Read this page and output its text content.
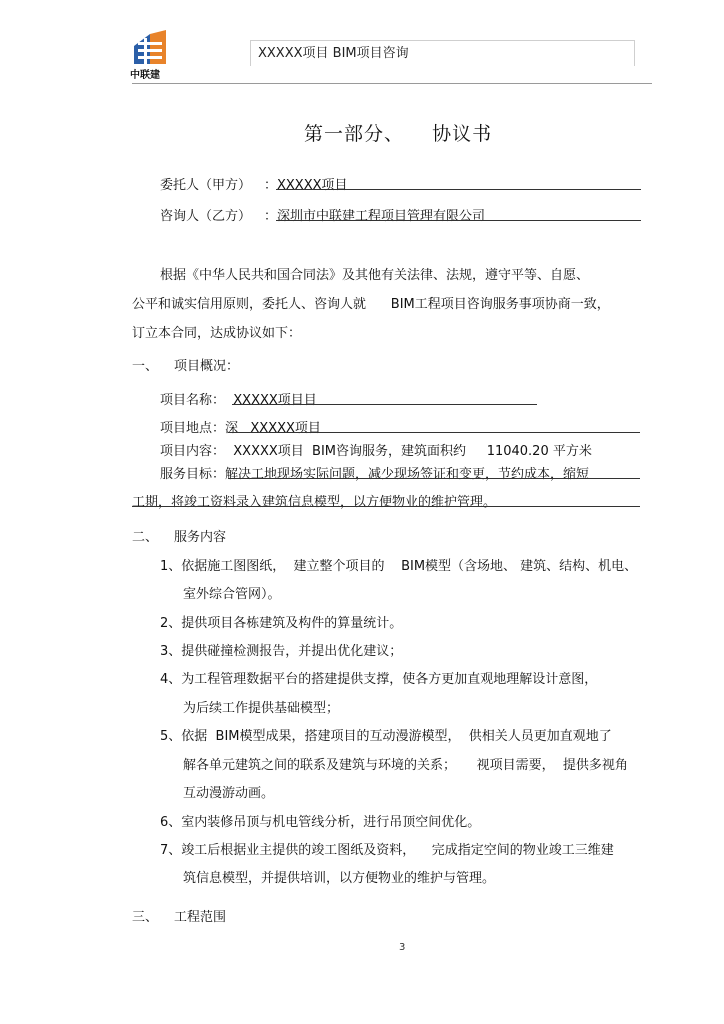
中联建
XXXXX项目 BIM项目咨询
第一部分、    协议书
委托人（甲方） ：XXXXX项目
咨询人（乙方） ：深圳市中联建工程项目管理有限公司
根据《中华人民共和国合同法》及其他有关法律、法规，遵守平等、自愿、
公平和诚实信用原则，委托人、咨询人就      BIM工程项目咨询服务事项协商一致，
订立本合同，达成协议如下：
一、 项目概况：
项目名称：  XXXXX项目目
项目地点：深   XXXXX项目
项目内容：  XXXXX项目  BIM咨询服务，建筑面积约     11040.20 平方米
服务目标：解决工地现场实际问题，减少现场签证和变更，节约成本，缩短
工期，将竣工资料录入建筑信息模型，以方便物业的维护管理。
二、 服务内容
1、依据施工图图纸，  建立整个项目的    BIM模型（含场地、 建筑、结构、机电、
室外综合管网）。
2、提供项目各栋建筑及构件的算量统计。
3、提供碰撞检测报告，并提出优化建议；
4、为工程管理数据平台的搭建提供支撑，使各方更加直观地理解设计意图，
为后续工作提供基础模型；
5、依据  BIM模型成果，搭建项目的互动漫游模型，  供相关人员更加直观地了
解各单元建筑之间的联系及建筑与环境的关系；     视项目需要，  提供多视角
互动漫游动画。
6、室内装修吊顶与机电管线分析，进行吊顶空间优化。
7、竣工后根据业主提供的竣工图纸及资料，    完成指定空间的物业竣工三维建
筑信息模型，并提供培训，以方便物业的维护与管理。
三、 工程范围
3
